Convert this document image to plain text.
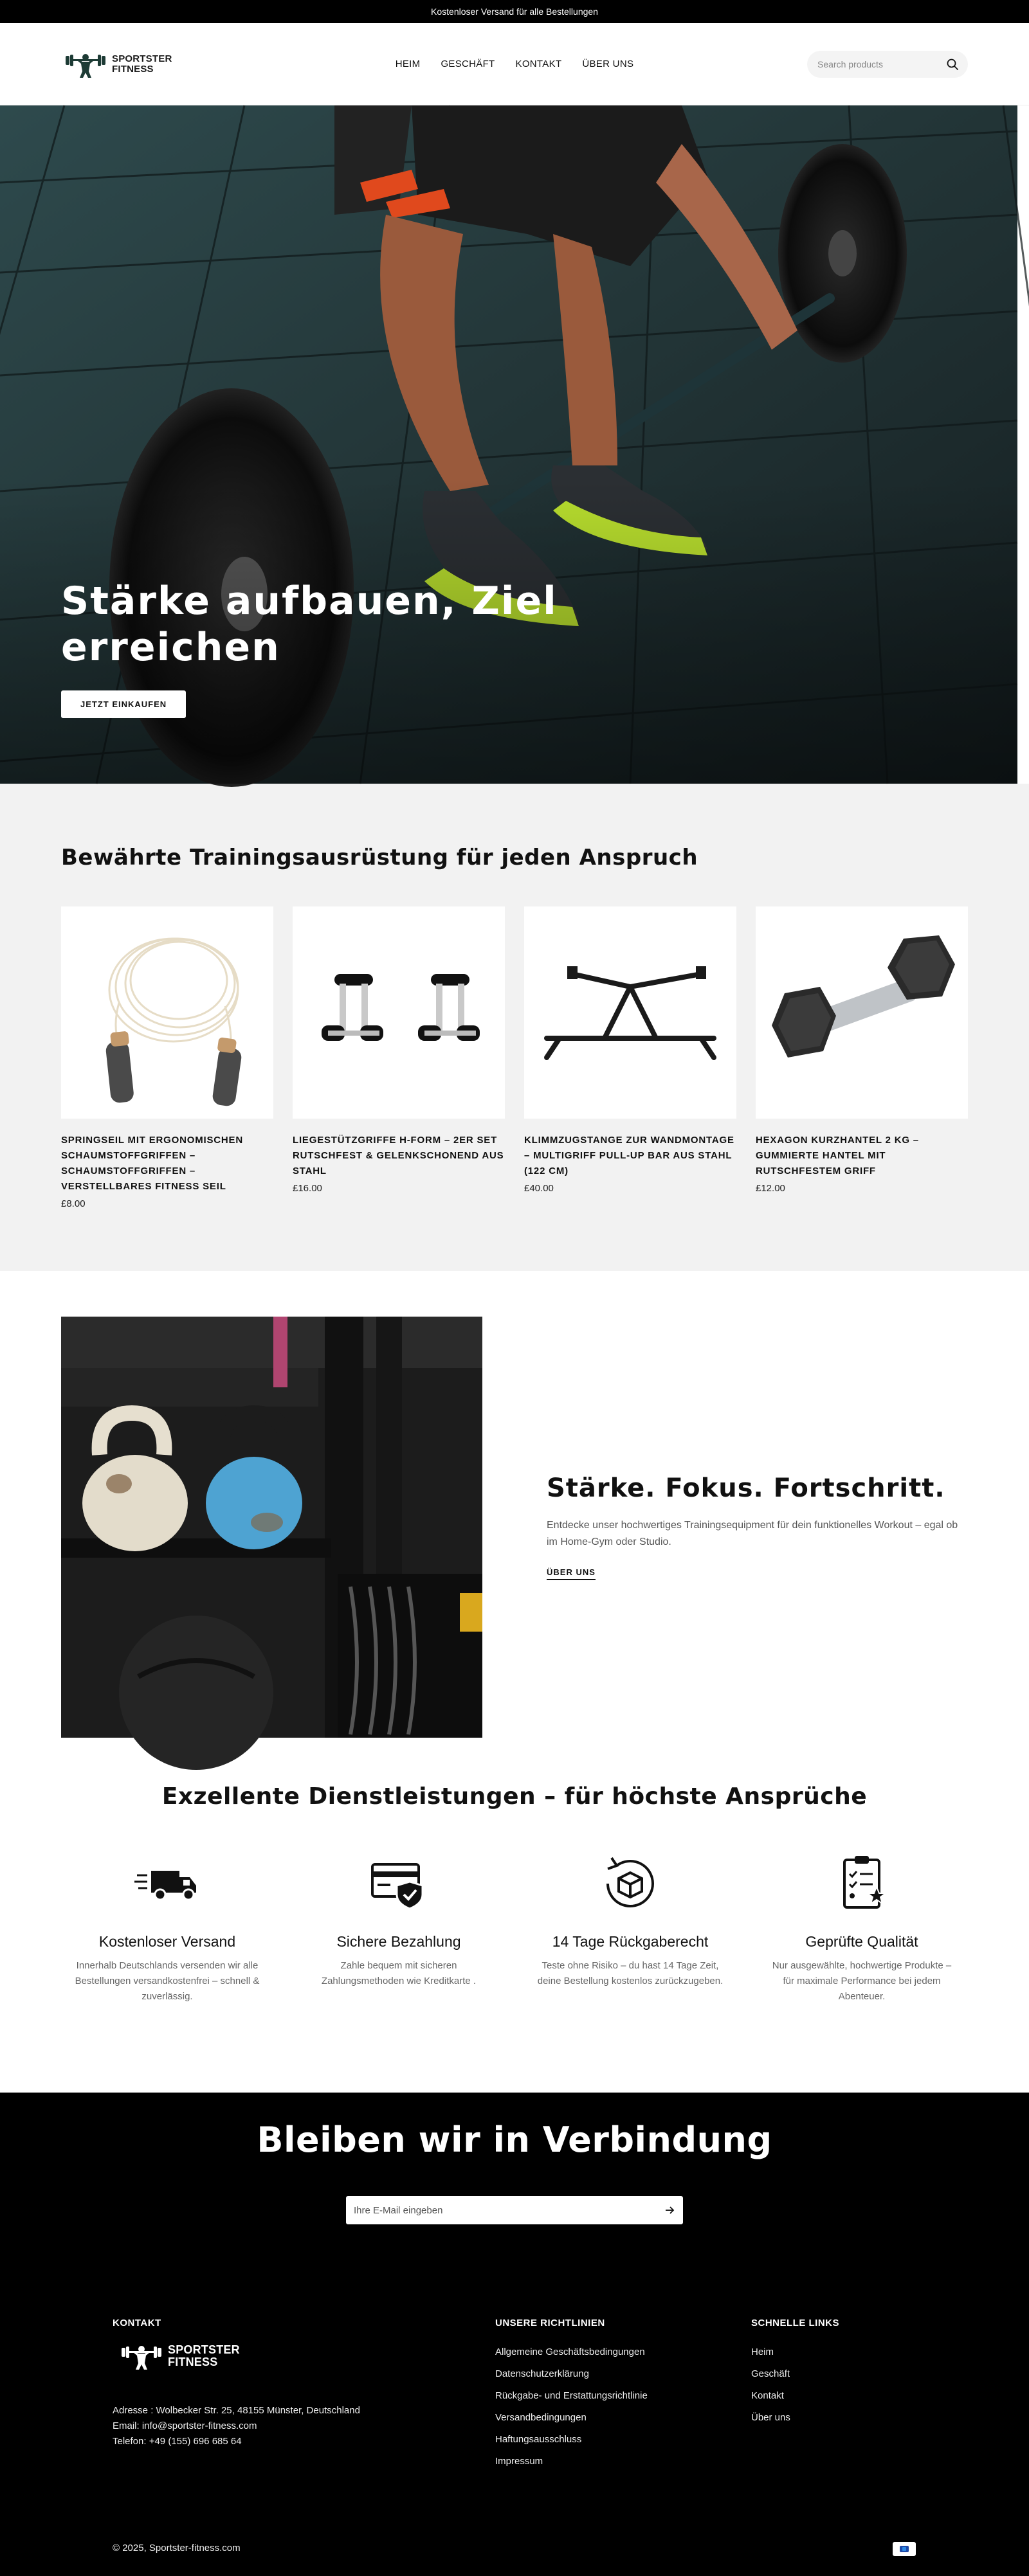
Kostenloser Versand für alle Bestellungen
SPORTSTER
FITNESS	HEIM GESCHÄFT KONTAKT ÜBER UNS
Search products
Stärke aufbauen, Ziel erreichen
JETZT EINKAUFEN
Bewährte Trainingsausrüstung für jeden Anspruch
SPRINGSEIL MIT ERGONOMISCHEN SCHAUMSTOFFGRIFFEN – SCHAUMSTOFFGRIFFEN – VERSTELLBARES FITNESS SEIL
£8.00
LIEGESTÜTZGRIFFE H-FORM – 2ER SET RUTSCHFEST & GELENKSCHONEND AUS STAHL
£16.00
KLIMMZUGSTANGE ZUR WANDMONTAGE – MULTIGRIFF PULL-UP BAR AUS STAHL (122 CM)
£40.00
HEXAGON KURZHANTEL 2 KG – GUMMIERTE HANTEL MIT RUTSCHFESTEM GRIFF
£12.00
Stärke. Fokus. Fortschritt.

Entdecke unser hochwertiges Trainingsequipment für dein funktionelles Workout – egal ob im Home-Gym oder Studio.

ÜBER UNS
Exzellente Dienstleistungen – für höchste Ansprüche
Kostenloser Versand
Innerhalb Deutschlands versenden wir alle Bestellungen versandkostenfrei – schnell & zuverlässig.
Sichere Bezahlung
Zahle bequem mit sicheren Zahlungsmethoden wie Kreditkarte .
14 Tage Rückgaberecht
Teste ohne Risiko – du hast 14 Tage Zeit, deine Bestellung kostenlos zurückzugeben.
Geprüfte Qualität
Nur ausgewählte, hochwertige Produkte – für maximale Performance bei jedem Abenteuer.
Bleiben wir in Verbindung
Ihre E-Mail eingeben
KONTAKT
SPORTSTER
FITNESS
Adresse : Wolbecker Str. 25, 48155 Münster, Deutschland
Email: info@sportster-fitness.com
Telefon: +49 (155) 696 685 64
UNSERE RICHTLINIEN
Allgemeine Geschäftsbedingungen
Datenschutzerklärung
Rückgabe- und Erstattungsrichtlinie
Versandbedingungen
Haftungsausschluss
Impressum
SCHNELLE LINKS
Heim
Geschäft
Kontakt
Über uns
© 2025, Sportster-fitness.com
